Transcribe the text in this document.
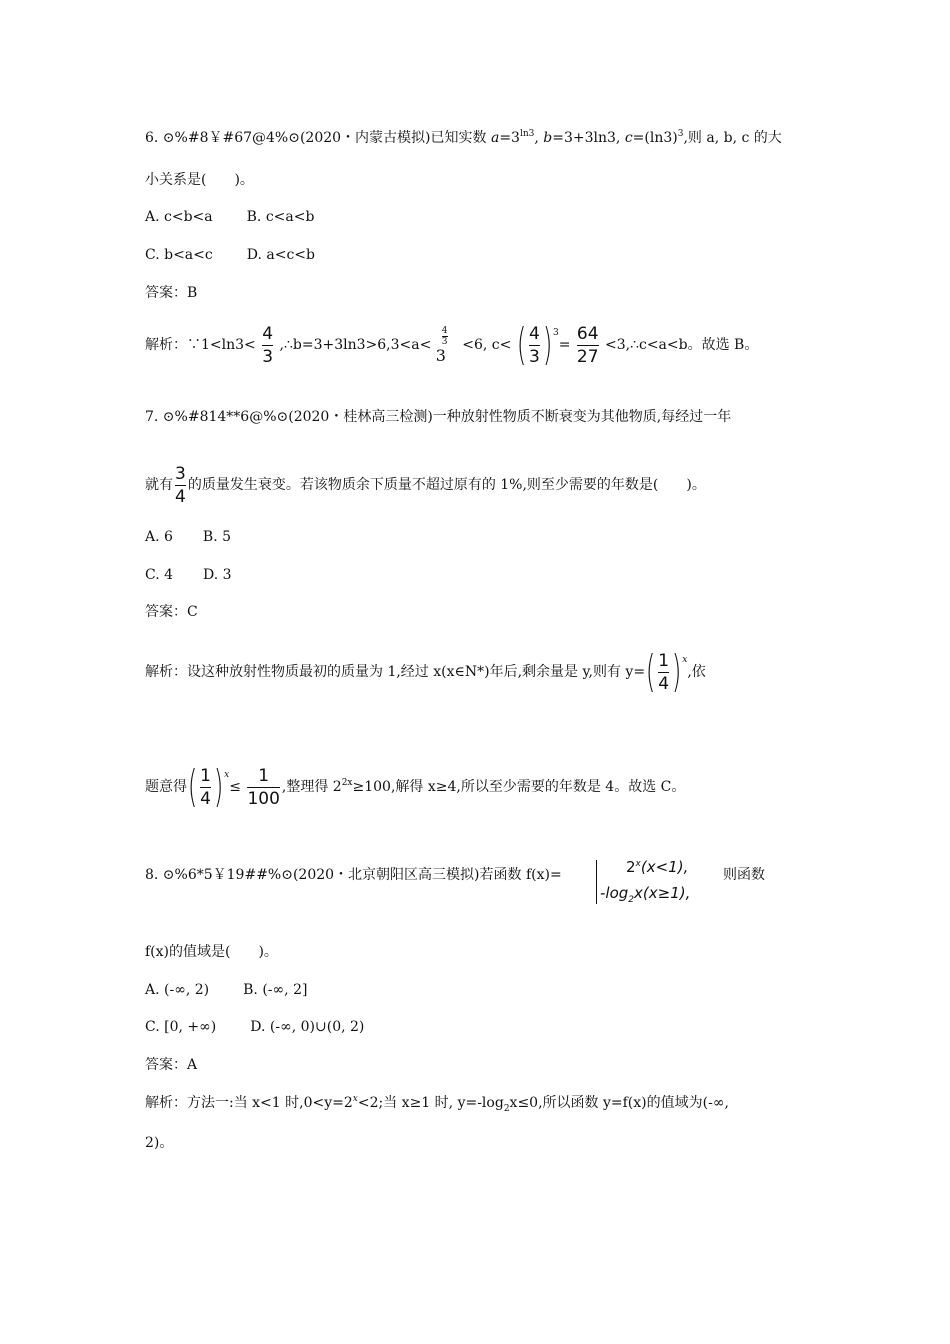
6. ⊙%#8￥#67@4%⊙(2020・内蒙古模拟)已知实数 $a=3^{ln3}$, b=3+3ln3, $c=(\ln 3)^3$,则 a, b, c 的大
小关系是(　　)。
A. c<b<a B. c<a<b
C. b<a<c D. a<c<b
答案：B
解析：∵1<ln3< $\frac{4}{3}$ ,∴b=3+3ln3>6,3<a<
4
3
3
<6, c< ( $\frac{4}{3} )^3= \frac{64}{27}$ <3,∴c<a<b。故选 B。
7. ⊙%#814**6@%⊙(2020・桂林高三检测)一种放射性物质不断衰变为其他物质,每经过一年
就有 $\frac{3}{4}$ 的质量发生衰变。若该物质余下质量不超过原有的 1%,则至少需要的年数是(　　)。
A. 6 B. 5
C. 4 D. 3
答案：C
解析：设这种放射性物质最初的质量为 1,经过 x(x∈N*)年后,剩余量是 y,则有 $y=( \frac{1}{4} )^x$,依
题意得( $\frac{1}{4} )^x\le \frac{1}{100}$ ,整理得 $2^{2x}\ge 100$,解得 x≥4,所以至少需要的年数是 4。故选 C。
8. ⊙%6*5￥19##%⊙(2020・北京朝阳区高三模拟)若函数 f(x)=	$2^x(x<1)$,
$-\log_2x(x\ge 1)$,
则函数
f(x)的值域是(　　)。
A. (-∞, 2) B. (-∞, 2]
C. [0, +∞) D. (-∞, 0)∪(0, 2)
答案：A
解析：方法一:当 x<1 时$,0<y=2^x<2$;当 x≥1 时, $y=-\log_2x\le 0$,所以函数 y=f(x)的值域为(-∞,
2)。
